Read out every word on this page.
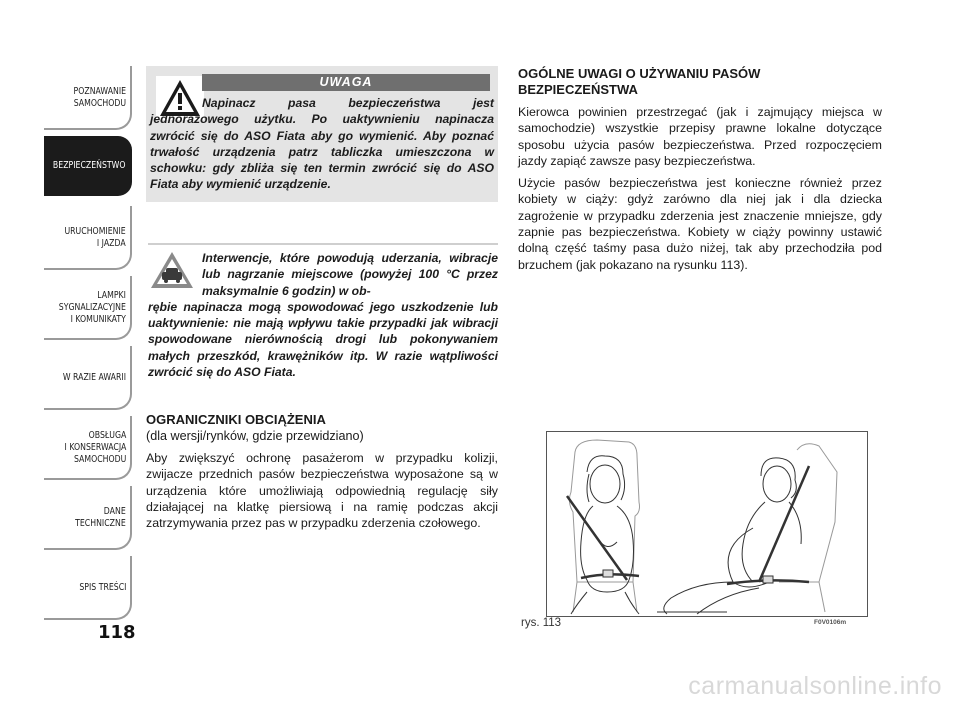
POZNAWANIE
SAMOCHODU
BEZPIECZEŃSTWO
URUCHOMIENIE
I JAZDA
LAMPKI
SYGNALIZACYJNE
I KOMUNIKATY
W RAZIE AWARII
OBSŁUGA
I KONSERWACJA
SAMOCHODU
DANE
TECHNICZNE
SPIS TREŚCI
118
UWAGA
Napinacz pasa bezpieczeństwa jest jednorazowego użytku. Po uaktywnieniu napinacza zwrócić się do ASO Fiata aby go wymienić. Aby poznać trwałość urządzenia patrz tabliczka umieszczona w schowku: gdy zbliża się ten termin zwrócić się do ASO Fiata aby wymienić urządzenie.
Interwencje, które powodują uderzania, wibracje lub nagrzanie miejscowe (powyżej 100 °C przez maksymalnie 6 godzin) w ob-
rębie napinacza mogą spowodować jego uszkodzenie lub uaktywnienie: nie mają wpływu takie przypadki jak wibracji spowodowane nierównością drogi lub pokonywaniem małych przeszkód, krawężników itp. W razie wątpliwości zwrócić się do ASO Fiata.
OGRANICZNIKI OBCIĄŻENIA
(dla wersji/rynków, gdzie przewidziano)

Aby zwiększyć ochronę pasażerom w przypadku kolizji, zwijacze przednich pasów bezpieczeństwa wyposażone są w urządzenia które umożliwiają odpowiednią regulację siły działającej na klatkę piersiową i na ramię podczas akcji zatrzymywania przez pas w przypadku zderzenia czołowego.

OGÓLNE UWAGI O UŻYWANIU PASÓW BEZPIECZEŃSTWA

Kierowca powinien przestrzegać (jak i zajmujący miejsca w samochodzie) wszystkie przepisy prawne lokalne dotyczące sposobu użycia pasów bezpieczeństwa. Przed rozpoczęciem jazdy zapiąć zawsze pasy bezpieczeństwa.

Użycie pasów bezpieczeństwa jest konieczne również przez kobiety w ciąży: gdyż zarówno dla niej jak i dla dziecka zagrożenie w przypadku zderzenia jest znaczenie mniejsze, gdy zapnie pas bezpieczeństwa. Kobiety w ciąży powinny ustawić dolną część taśmy pasa dużo niżej, tak aby przechodziła pod brzuchem (jak pokazano na rysunku 113).

rys. 113	F0V0106m
carmanualsonline.info
